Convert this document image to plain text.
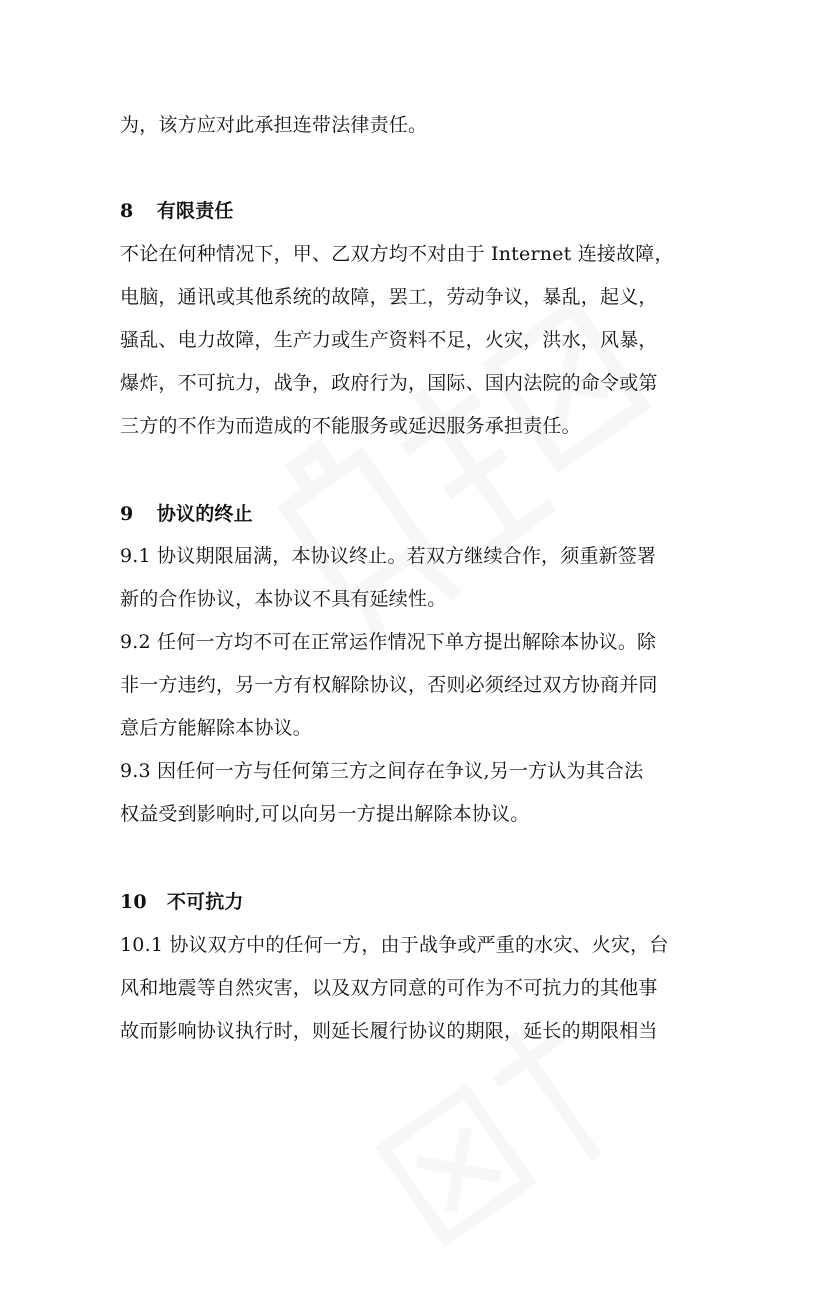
为，该方应对此承担连带法律责任。
8 有限责任
不论在何种情况下，甲、乙双方均不对由于 Internet 连接故障，
电脑，通讯或其他系统的故障，罢工，劳动争议，暴乱，起义，
骚乱、电力故障，生产力或生产资料不足，火灾，洪水，风暴，
爆炸，不可抗力，战争，政府行为，国际、国内法院的命令或第
三方的不作为而造成的不能服务或延迟服务承担责任。
9 协议的终止
9.1 协议期限届满，本协议终止。若双方继续合作，须重新签署
新的合作协议，本协议不具有延续性。
9.2 任何一方均不可在正常运作情况下单方提出解除本协议。除
非一方违约，另一方有权解除协议，否则必须经过双方协商并同
意后方能解除本协议。
9.3 因任何一方与任何第三方之间存在争议,另一方认为其合法
权益受到影响时,可以向另一方提出解除本协议。
10 不可抗力
10.1 协议双方中的任何一方，由于战争或严重的水灾、火灾，台
风和地震等自然灾害，以及双方同意的可作为不可抗力的其他事
故而影响协议执行时，则延长履行协议的期限，延长的期限相当
